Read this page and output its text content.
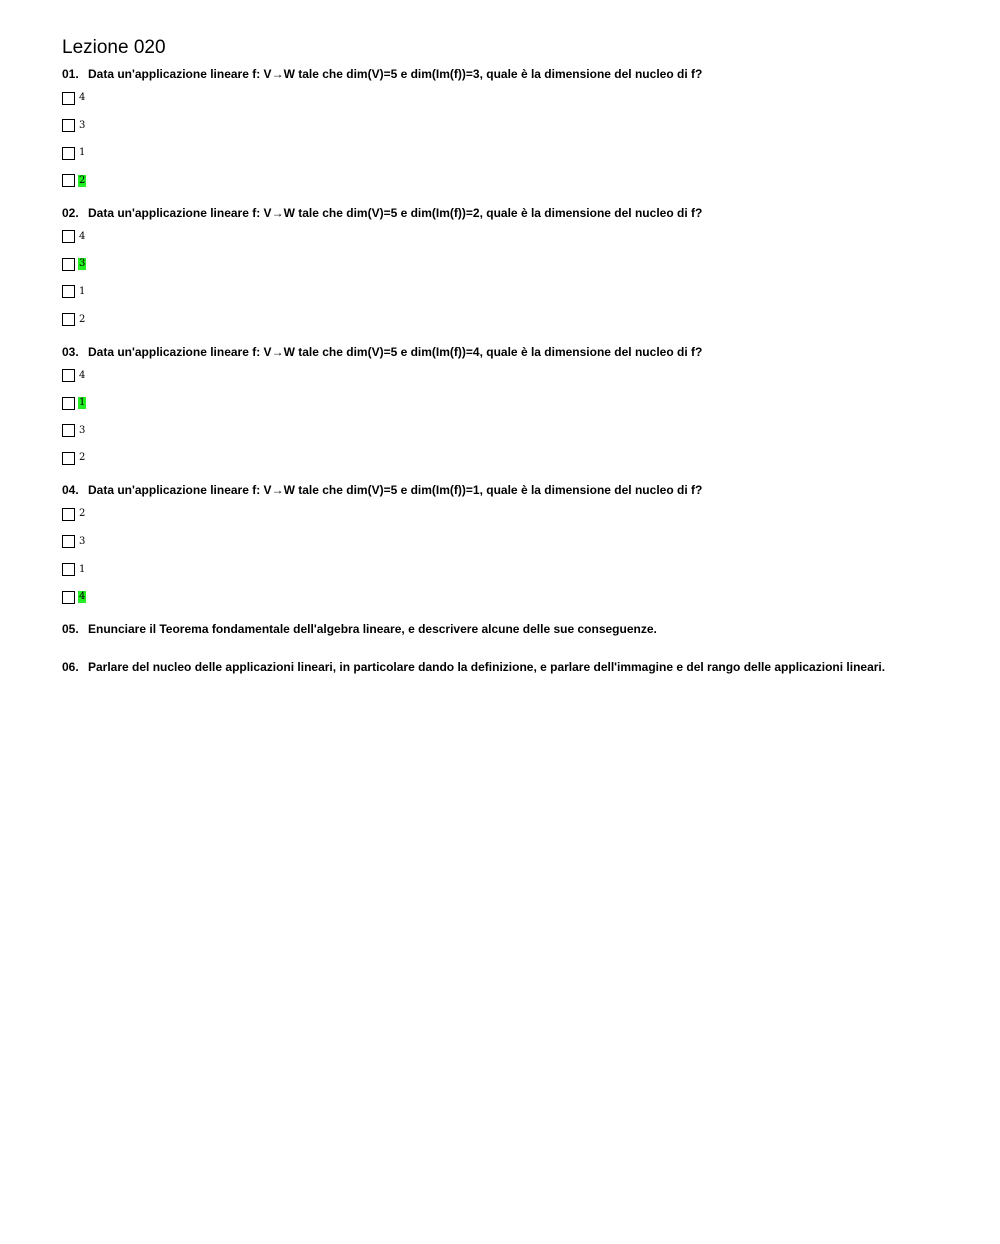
Lezione 020
01. Data un'applicazione lineare f: V→W tale che dim(V)=5 e dim(Im(f))=3, quale è la dimensione del nucleo di f?
4
3
1
2
02. Data un'applicazione lineare f: V→W tale che dim(V)=5 e dim(Im(f))=2, quale è la dimensione del nucleo di f?
4
3
1
2
03. Data un'applicazione lineare f: V→W tale che dim(V)=5 e dim(Im(f))=4, quale è la dimensione del nucleo di f?
4
1
3
2
04. Data un'applicazione lineare f: V→W tale che dim(V)=5 e dim(Im(f))=1, quale è la dimensione del nucleo di f?
2
3
1
4
05. Enunciare il Teorema fondamentale dell'algebra lineare, e descrivere alcune delle sue conseguenze.
06. Parlare del nucleo delle applicazioni lineari, in particolare dando la definizione, e parlare dell'immagine e del rango delle applicazioni lineari.
